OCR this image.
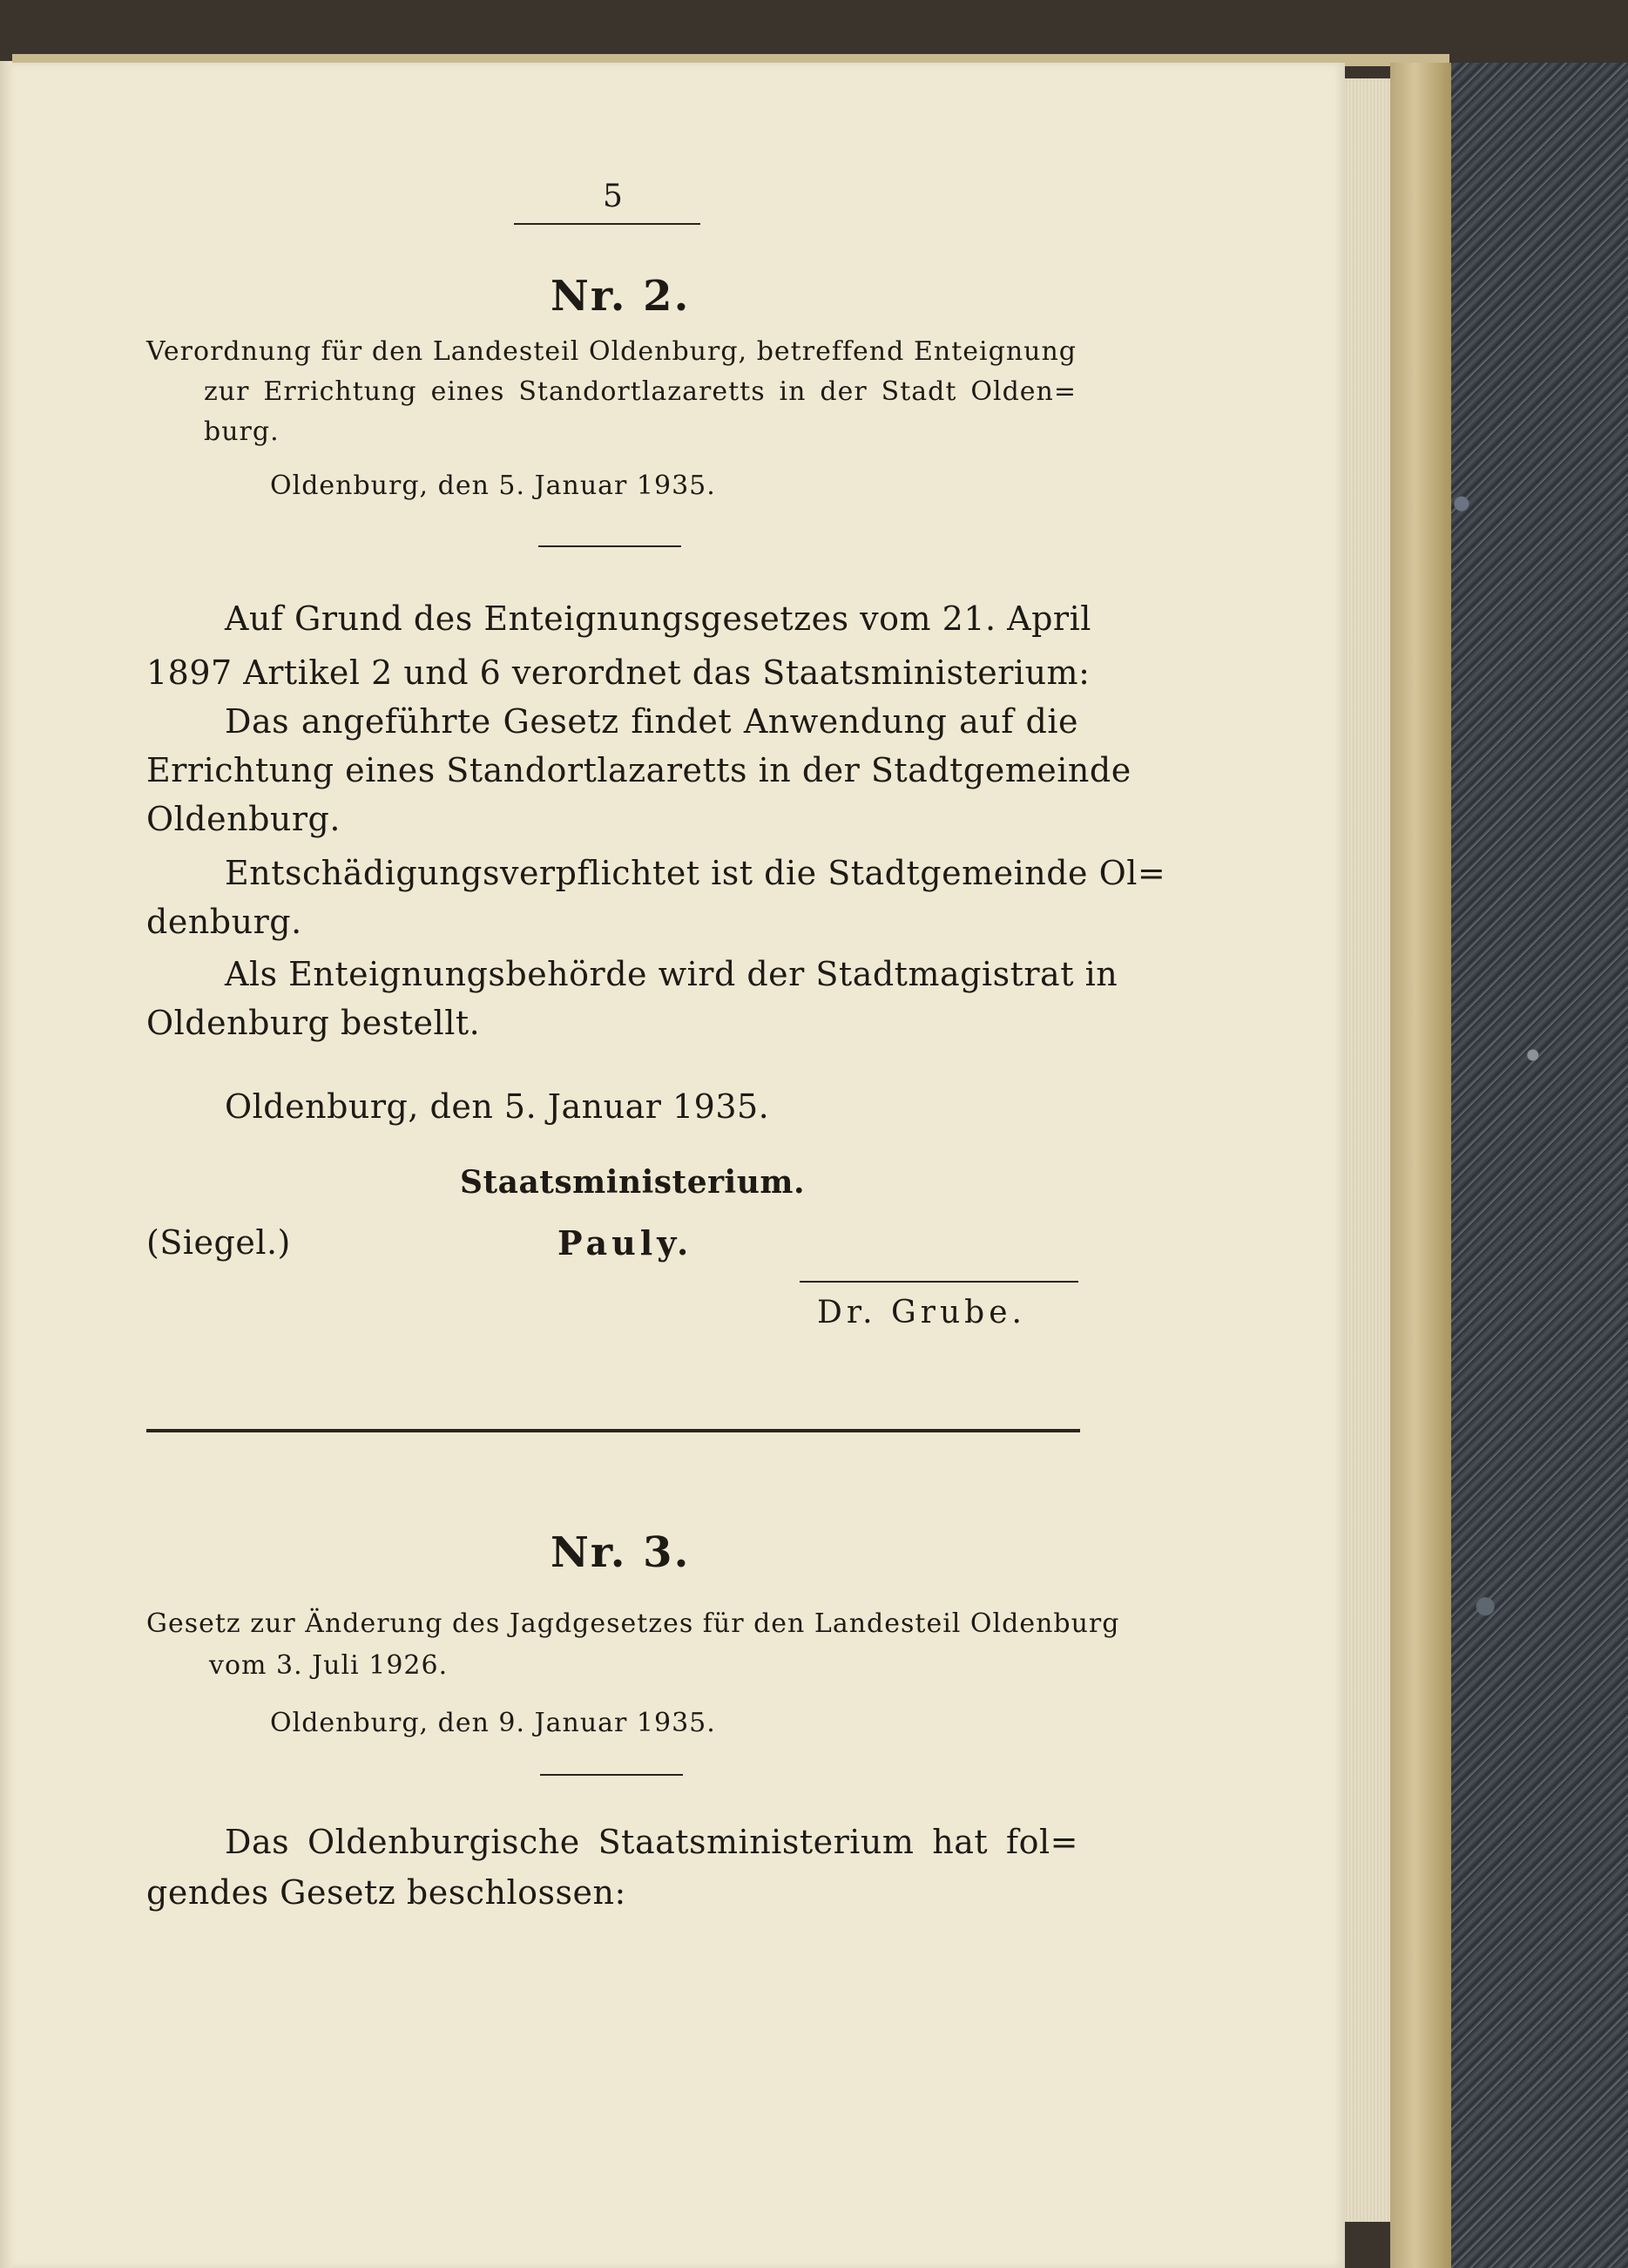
5
Nr. 2.
Verordnung für den Landesteil Oldenburg, betreffend Enteignung
zur Errichtung eines Standortlazaretts in der Stadt Olden=
burg.
Oldenburg, den 5. Januar 1935.
Auf Grund des Enteignungsgesetzes vom 21. April
1897 Artikel 2 und 6 verordnet das Staatsministerium:
Das angeführte Gesetz findet Anwendung auf die
Errichtung eines Standortlazaretts in der Stadtgemeinde
Oldenburg.
Entschädigungsverpflichtet ist die Stadtgemeinde Ol=
denburg.
Als Enteignungsbehörde wird der Stadtmagistrat in
Oldenburg bestellt.
Oldenburg, den 5. Januar 1935.
Staatsministerium.
(Siegel.)	Pauly.
Dr. Grube.
Nr. 3.
Gesetz zur Änderung des Jagdgesetzes für den Landesteil Oldenburg
vom 3. Juli 1926.
Oldenburg, den 9. Januar 1935.
Das Oldenburgische Staatsministerium hat fol=
gendes Gesetz beschlossen:
